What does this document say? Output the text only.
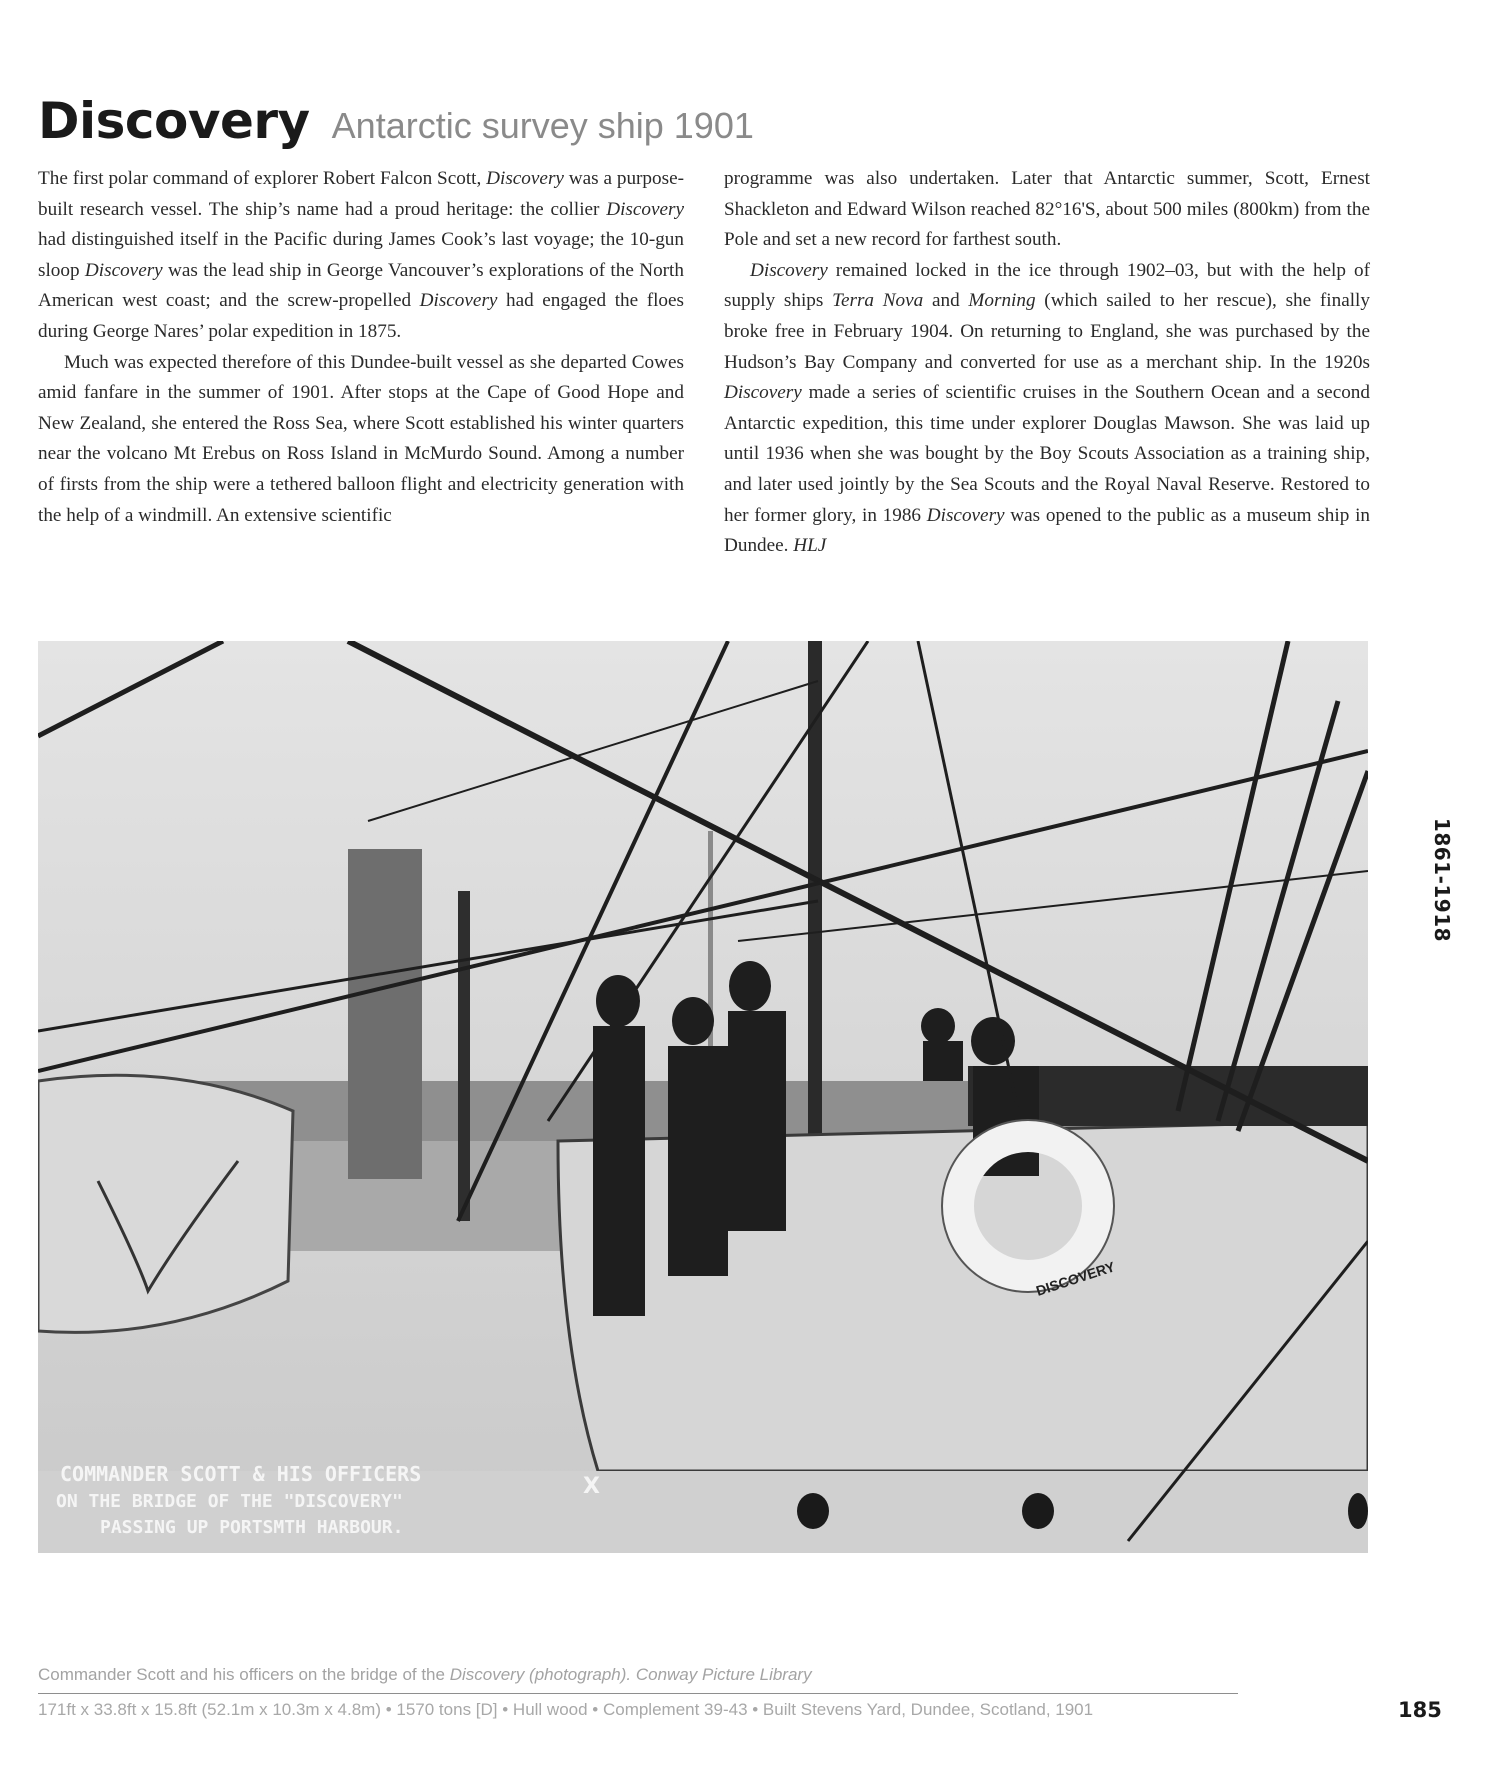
Discovery Antarctic survey ship 1901

The first polar command of explorer Robert Falcon Scott, Discovery was a purpose-built research vessel. The ship’s name had a proud heritage: the collier Discovery had distinguished itself in the Pacific during James Cook’s last voyage; the 10-gun sloop Discovery was the lead ship in George Vancouver’s explorations of the North American west coast; and the screw-propelled Discovery had engaged the floes during George Nares’ polar expedition in 1875.

Much was expected therefore of this Dundee-built vessel as she departed Cowes amid fanfare in the summer of 1901. After stops at the Cape of Good Hope and New Zealand, she entered the Ross Sea, where Scott established his winter quarters near the volcano Mt Erebus on Ross Island in McMurdo Sound. Among a number of firsts from the ship were a tethered balloon flight and electricity generation with the help of a windmill. An extensive scientific

programme was also undertaken. Later that Antarctic summer, Scott, Ernest Shackleton and Edward Wilson reached 82°16'S, about 500 miles (800km) from the Pole and set a new record for farthest south.

Discovery remained locked in the ice through 1902–03, but with the help of supply ships Terra Nova and Morning (which sailed to her rescue), she finally broke free in February 1904. On returning to England, she was purchased by the Hudson’s Bay Company and converted for use as a merchant ship. In the 1920s Discovery made a series of scientific cruises in the Southern Ocean and a second Antarctic expedition, this time under explorer Douglas Mawson. She was laid up until 1936 when she was bought by the Boy Scouts Association as a training ship, and later used jointly by the Sea Scouts and the Royal Naval Reserve. Restored to her former glory, in 1986 Discovery was opened to the public as a museum ship in Dundee. HLJ

DISCOVERY
COMMANDER SCOTT & HIS OFFICERS
ON THE BRIDGE OF THE "DISCOVERY"
PASSING UP PORTSMTH HARBOUR.
X
1861-1918
Commander Scott and his officers on the bridge of the Discovery (photograph). Conway Picture Library
171ft x 33.8ft x 15.8ft (52.1m x 10.3m x 4.8m) • 1570 tons [D] • Hull wood • Complement 39-43 • Built Stevens Yard, Dundee, Scotland, 1901	185
